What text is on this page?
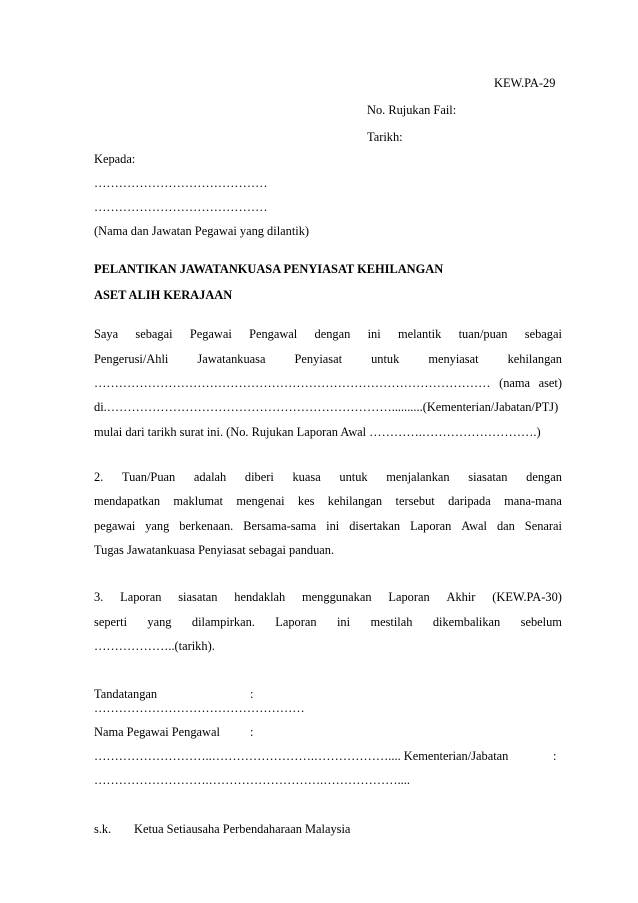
KEW.PA-29
No. Rujukan Fail:
Tarikh:
Kepada:
……………………………………
……………………………………
(Nama dan Jawatan Pegawai yang dilantik)
PELANTIKAN JAWATANKUASA PENYIASAT KEHILANGAN
ASET ALIH KERAJAAN
Saya sebagai Pegawai Pengawal dengan ini melantik tuan/puan sebagai
Pengerusi/Ahli Jawatankuasa Penyiasat untuk menyiasat kehilangan
…………………………………………………………………………………… (nama aset)
di.……………………………………………………………..........(Kementerian/Jabatan/PTJ)
mulai dari tarikh surat ini. (No. Rujukan Laporan Awal ………….……………………….)
2. Tuan/Puan adalah diberi kuasa untuk menjalankan siasatan dengan
mendapatkan maklumat mengenai kes kehilangan tersebut daripada mana-mana
pegawai yang berkenaan. Bersama-sama ini disertakan Laporan Awal dan Senarai
Tugas Jawatankuasa Penyiasat sebagai panduan.
3. Laporan siasatan hendaklah menggunakan Laporan Akhir (KEW.PA-30)
seperti yang dilampirkan. Laporan ini mestilah dikembalikan sebelum
………………..(tarikh).
Tandatangan	:
……………………………………………
Nama Pegawai Pengawal :
………………………..…………………….……………….... Kementerian/Jabatan	:
……………………….……………………….………………....
s.k. Ketua Setiausaha Perbendaharaan Malaysia
